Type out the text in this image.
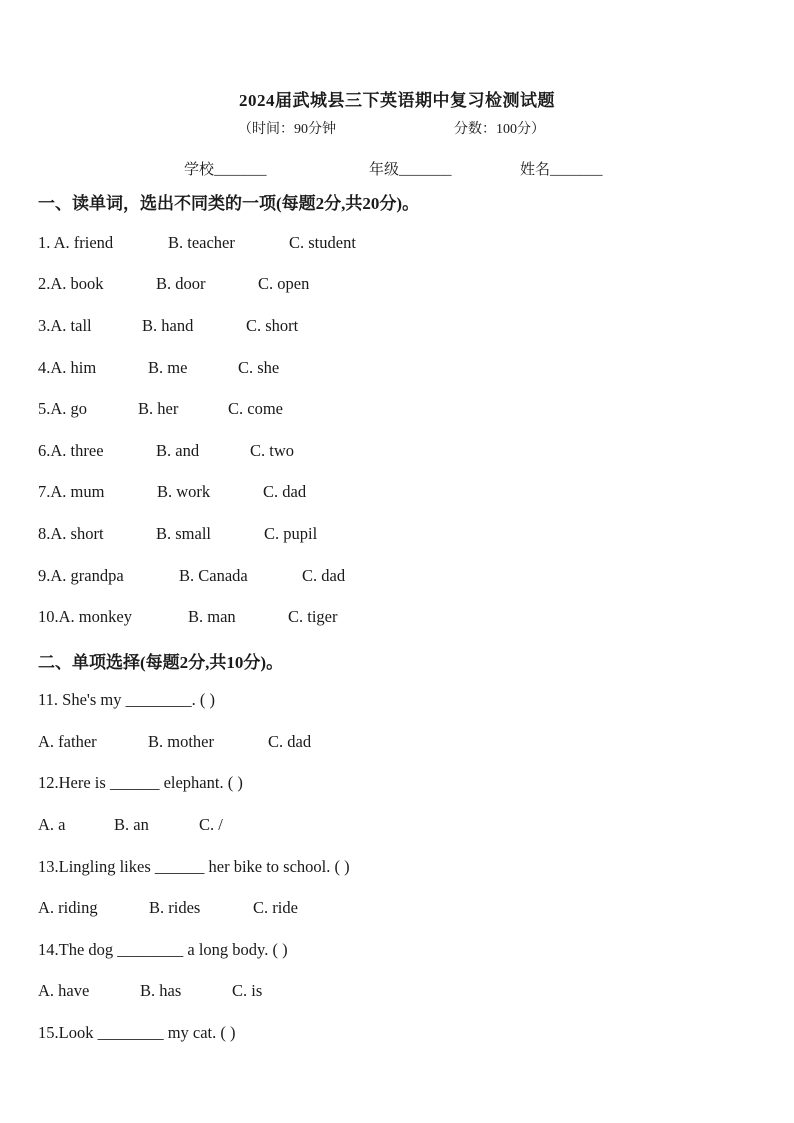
2024届武城县三下英语期中复习检测试题
（时间：90分钟	分数：100分）
学校_______	年级_______	姓名_______
一、读单词，选出不同类的一项(每题2分,共20分)。
1. A. friend	B. teacher	C. student
2.A. book	B. door	C. open
3.A. tall	B. hand	C. short
4.A. him	B. me	C. she
5.A. go	B. her	C. come
6.A. three	B. and	C. two
7.A. mum	B. work	C. dad
8.A. short	B. small	C. pupil
9.A. grandpa	B. Canada	C. dad
10.A. monkey	B. man	C. tiger
二、单项选择(每题2分,共10分)。
11. She's my ________. ( )
A. father	B. mother	C. dad
12.Here is ______ elephant. ( )
A. a	B. an	C. /
13.Lingling likes ______ her bike to school. ( )
A. riding	B. rides	C. ride
14.The dog ________ a long body. ( )
A. have	B. has	C. is
15.Look ________ my cat. ( )
